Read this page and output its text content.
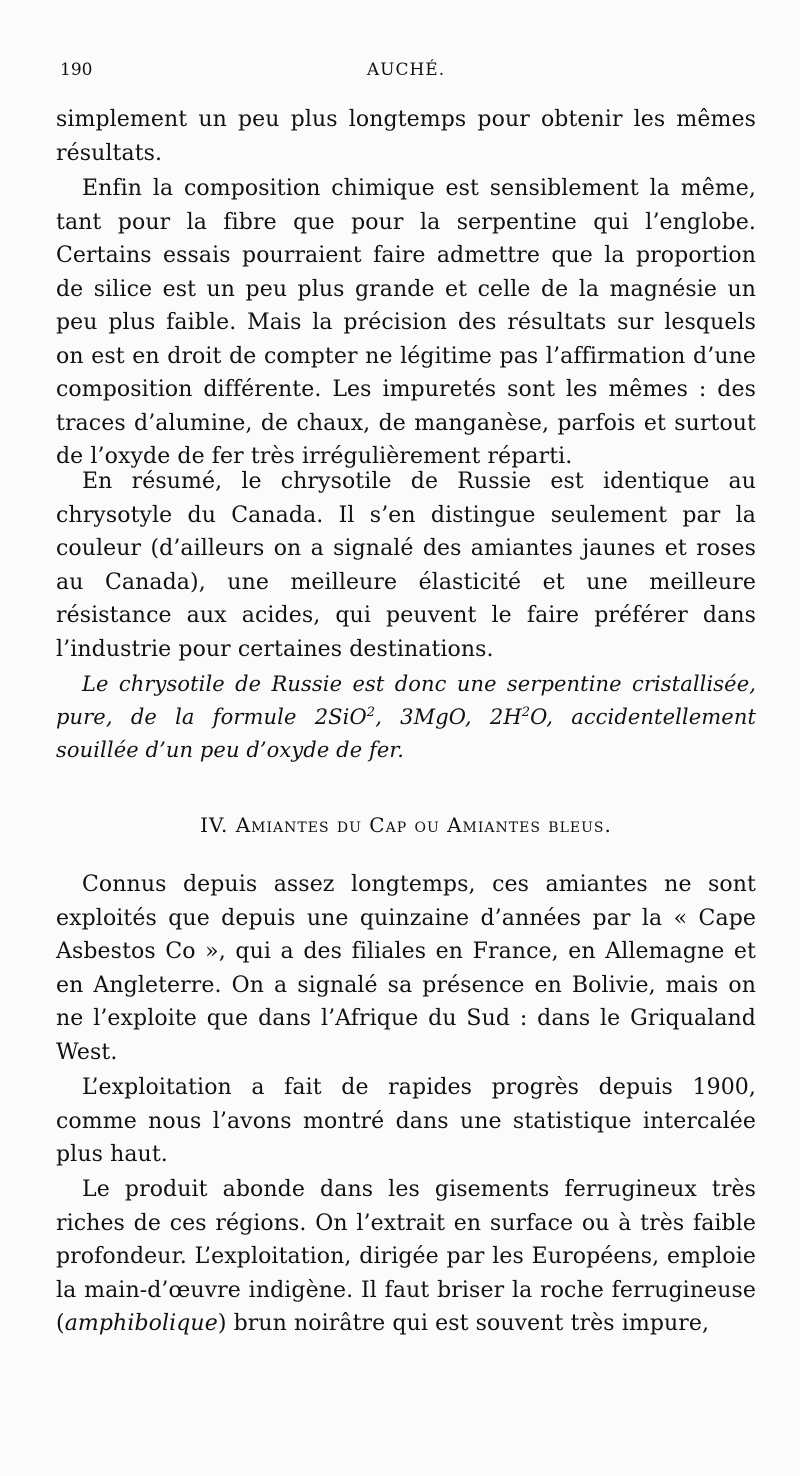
190	AUCHÉ.
simplement un peu plus longtemps pour obtenir les mêmes résultats.
Enfin la composition chimique est sensiblement la même, tant pour la fibre que pour la serpentine qui l’englobe. Certains essais pourraient faire admettre que la proportion de silice est un peu plus grande et celle de la magnésie un peu plus faible. Mais la précision des résultats sur lesquels on est en droit de compter ne légitime pas l’affirmation d’une composition différente. Les impuretés sont les mêmes : des traces d’alumine, de chaux, de manganèse, parfois et surtout de l’oxyde de fer très irrégulièrement réparti.
En résumé, le chrysotile de Russie est identique au chrysotyle du Canada. Il s’en distingue seulement par la couleur (d’ailleurs on a signalé des amiantes jaunes et roses au Canada), une meilleure élasticité et une meilleure résistance aux acides, qui peuvent le faire préférer dans l’industrie pour certaines destinations.
Le chrysotile de Russie est donc une serpentine cristallisée, pure, de la formule 2SiO$^2$, 3MgO, $2H^2O$, accidentellement souillée d’un peu d’oxyde de fer.
IV. Amiantes du Cap ou Amiantes bleus.
Connus depuis assez longtemps, ces amiantes ne sont exploités que depuis une quinzaine d’années par la « Cape Asbestos Co », qui a des filiales en France, en Allemagne et en Angleterre. On a signalé sa présence en Bolivie, mais on ne l’exploite que dans l’Afrique du Sud : dans le Griqualand West.
L’exploitation a fait de rapides progrès depuis 1900, comme nous l’avons montré dans une statistique intercalée plus haut.
Le produit abonde dans les gisements ferrugineux très riches de ces régions. On l’extrait en surface ou à très faible profondeur. L’exploitation, dirigée par les Européens, emploie la main-d’œuvre indigène. Il faut briser la roche ferrugineuse (amphibolique) brun noirâtre qui est souvent très impure,
